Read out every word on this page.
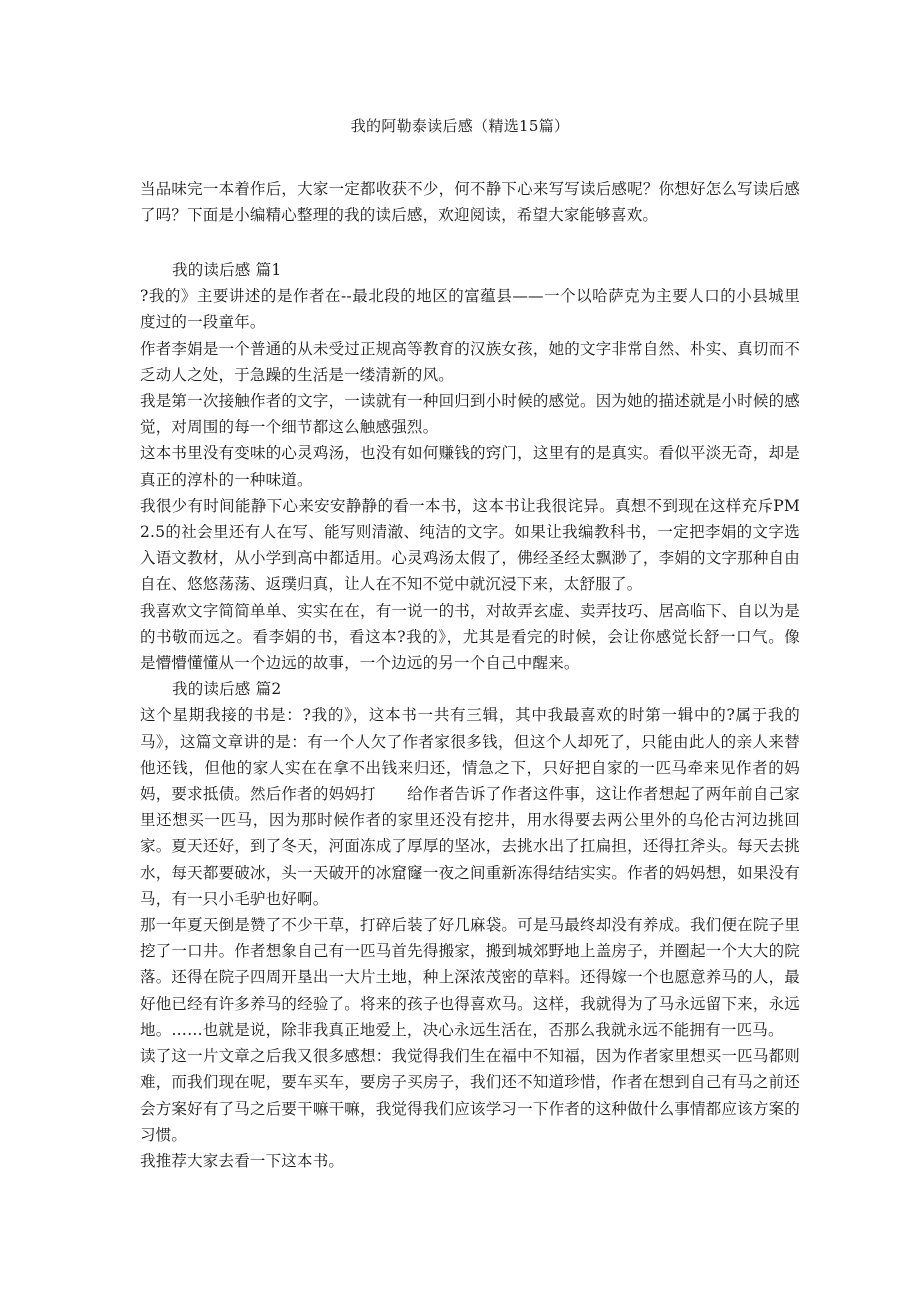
我的阿勒泰读后感（精选15篇）

当品味完一本着作后，大家一定都收获不少，何不静下心来写写读后感呢？你想好怎么写读后感了吗？下面是小编精心整理的我的读后感，欢迎阅读，希望大家能够喜欢。

我的读后感 篇1

?我的》主要讲述的是作者在--最北段的地区的富蕴县——一个以哈萨克为主要人口的小县城里度过的一段童年。

作者李娟是一个普通的从未受过正规高等教育的汉族女孩，她的文字非常自然、朴实、真切而不乏动人之处，于急躁的生活是一缕清新的风。

我是第一次接触作者的文字，一读就有一种回归到小时候的感觉。因为她的描述就是小时候的感觉，对周围的每一个细节都这么触感强烈。

这本书里没有变味的心灵鸡汤，也没有如何赚钱的窍门，这里有的是真实。看似平淡无奇，却是真正的淳朴的一种味道。

我很少有时间能静下心来安安静静的看一本书，这本书让我很诧异。真想不到现在这样充斥PM2.5的社会里还有人在写、能写则清澈、纯洁的文字。如果让我编教科书，一定把李娟的文字选入语文教材，从小学到高中都适用。心灵鸡汤太假了，佛经圣经太飘渺了，李娟的文字那种自由自在、悠悠荡荡、返璞归真，让人在不知不觉中就沉浸下来，太舒服了。

我喜欢文字简简单单、实实在在，有一说一的书，对故弄玄虚、卖弄技巧、居高临下、自以为是的书敬而远之。看李娟的书，看这本?我的》，尤其是看完的时候，会让你感觉长舒一口气。像是懵懵懂懂从一个边远的故事，一个边远的另一个自己中醒来。

我的读后感 篇2

这个星期我接的书是：?我的》，这本书一共有三辑，其中我最喜欢的时第一辑中的?属于我的马》，这篇文章讲的是：有一个人欠了作者家很多钱，但这个人却死了，只能由此人的亲人来替他还钱，但他的家人实在在拿不出钱来归还，情急之下，只好把自家的一匹马牵来见作者的妈妈，要求抵债。然后作者的妈妈打　　给作者告诉了作者这件事，这让作者想起了两年前自己家里还想买一匹马，因为那时候作者的家里还没有挖井，用水得要去两公里外的乌伦古河边挑回家。夏天还好，到了冬天，河面冻成了厚厚的坚冰，去挑水出了扛扁担，还得扛斧头。每天去挑水，每天都要破冰，头一天破开的冰窟窿一夜之间重新冻得结结实实。作者的妈妈想，如果没有马，有一只小毛驴也好啊。

那一年夏天倒是赞了不少干草，打碎后装了好几麻袋。可是马最终却没有养成。我们便在院子里挖了一口井。作者想象自己有一匹马首先得搬家，搬到城郊野地上盖房子，并圈起一个大大的院落。还得在院子四周开垦出一大片土地，种上深浓茂密的草料。还得嫁一个也愿意养马的人，最好他已经有许多养马的经验了。将来的孩子也得喜欢马。这样，我就得为了马永远留下来，永远地。……也就是说，除非我真正地爱上，决心永远生活在，否那么我就永远不能拥有一匹马。

读了这一片文章之后我又很多感想：我觉得我们生在福中不知福，因为作者家里想买一匹马都则难，而我们现在呢，要车买车，要房子买房子，我们还不知道珍惜，作者在想到自己有马之前还会方案好有了马之后要干嘛干嘛，我觉得我们应该学习一下作者的这种做什么事情都应该方案的习惯。

我推荐大家去看一下这本书。
